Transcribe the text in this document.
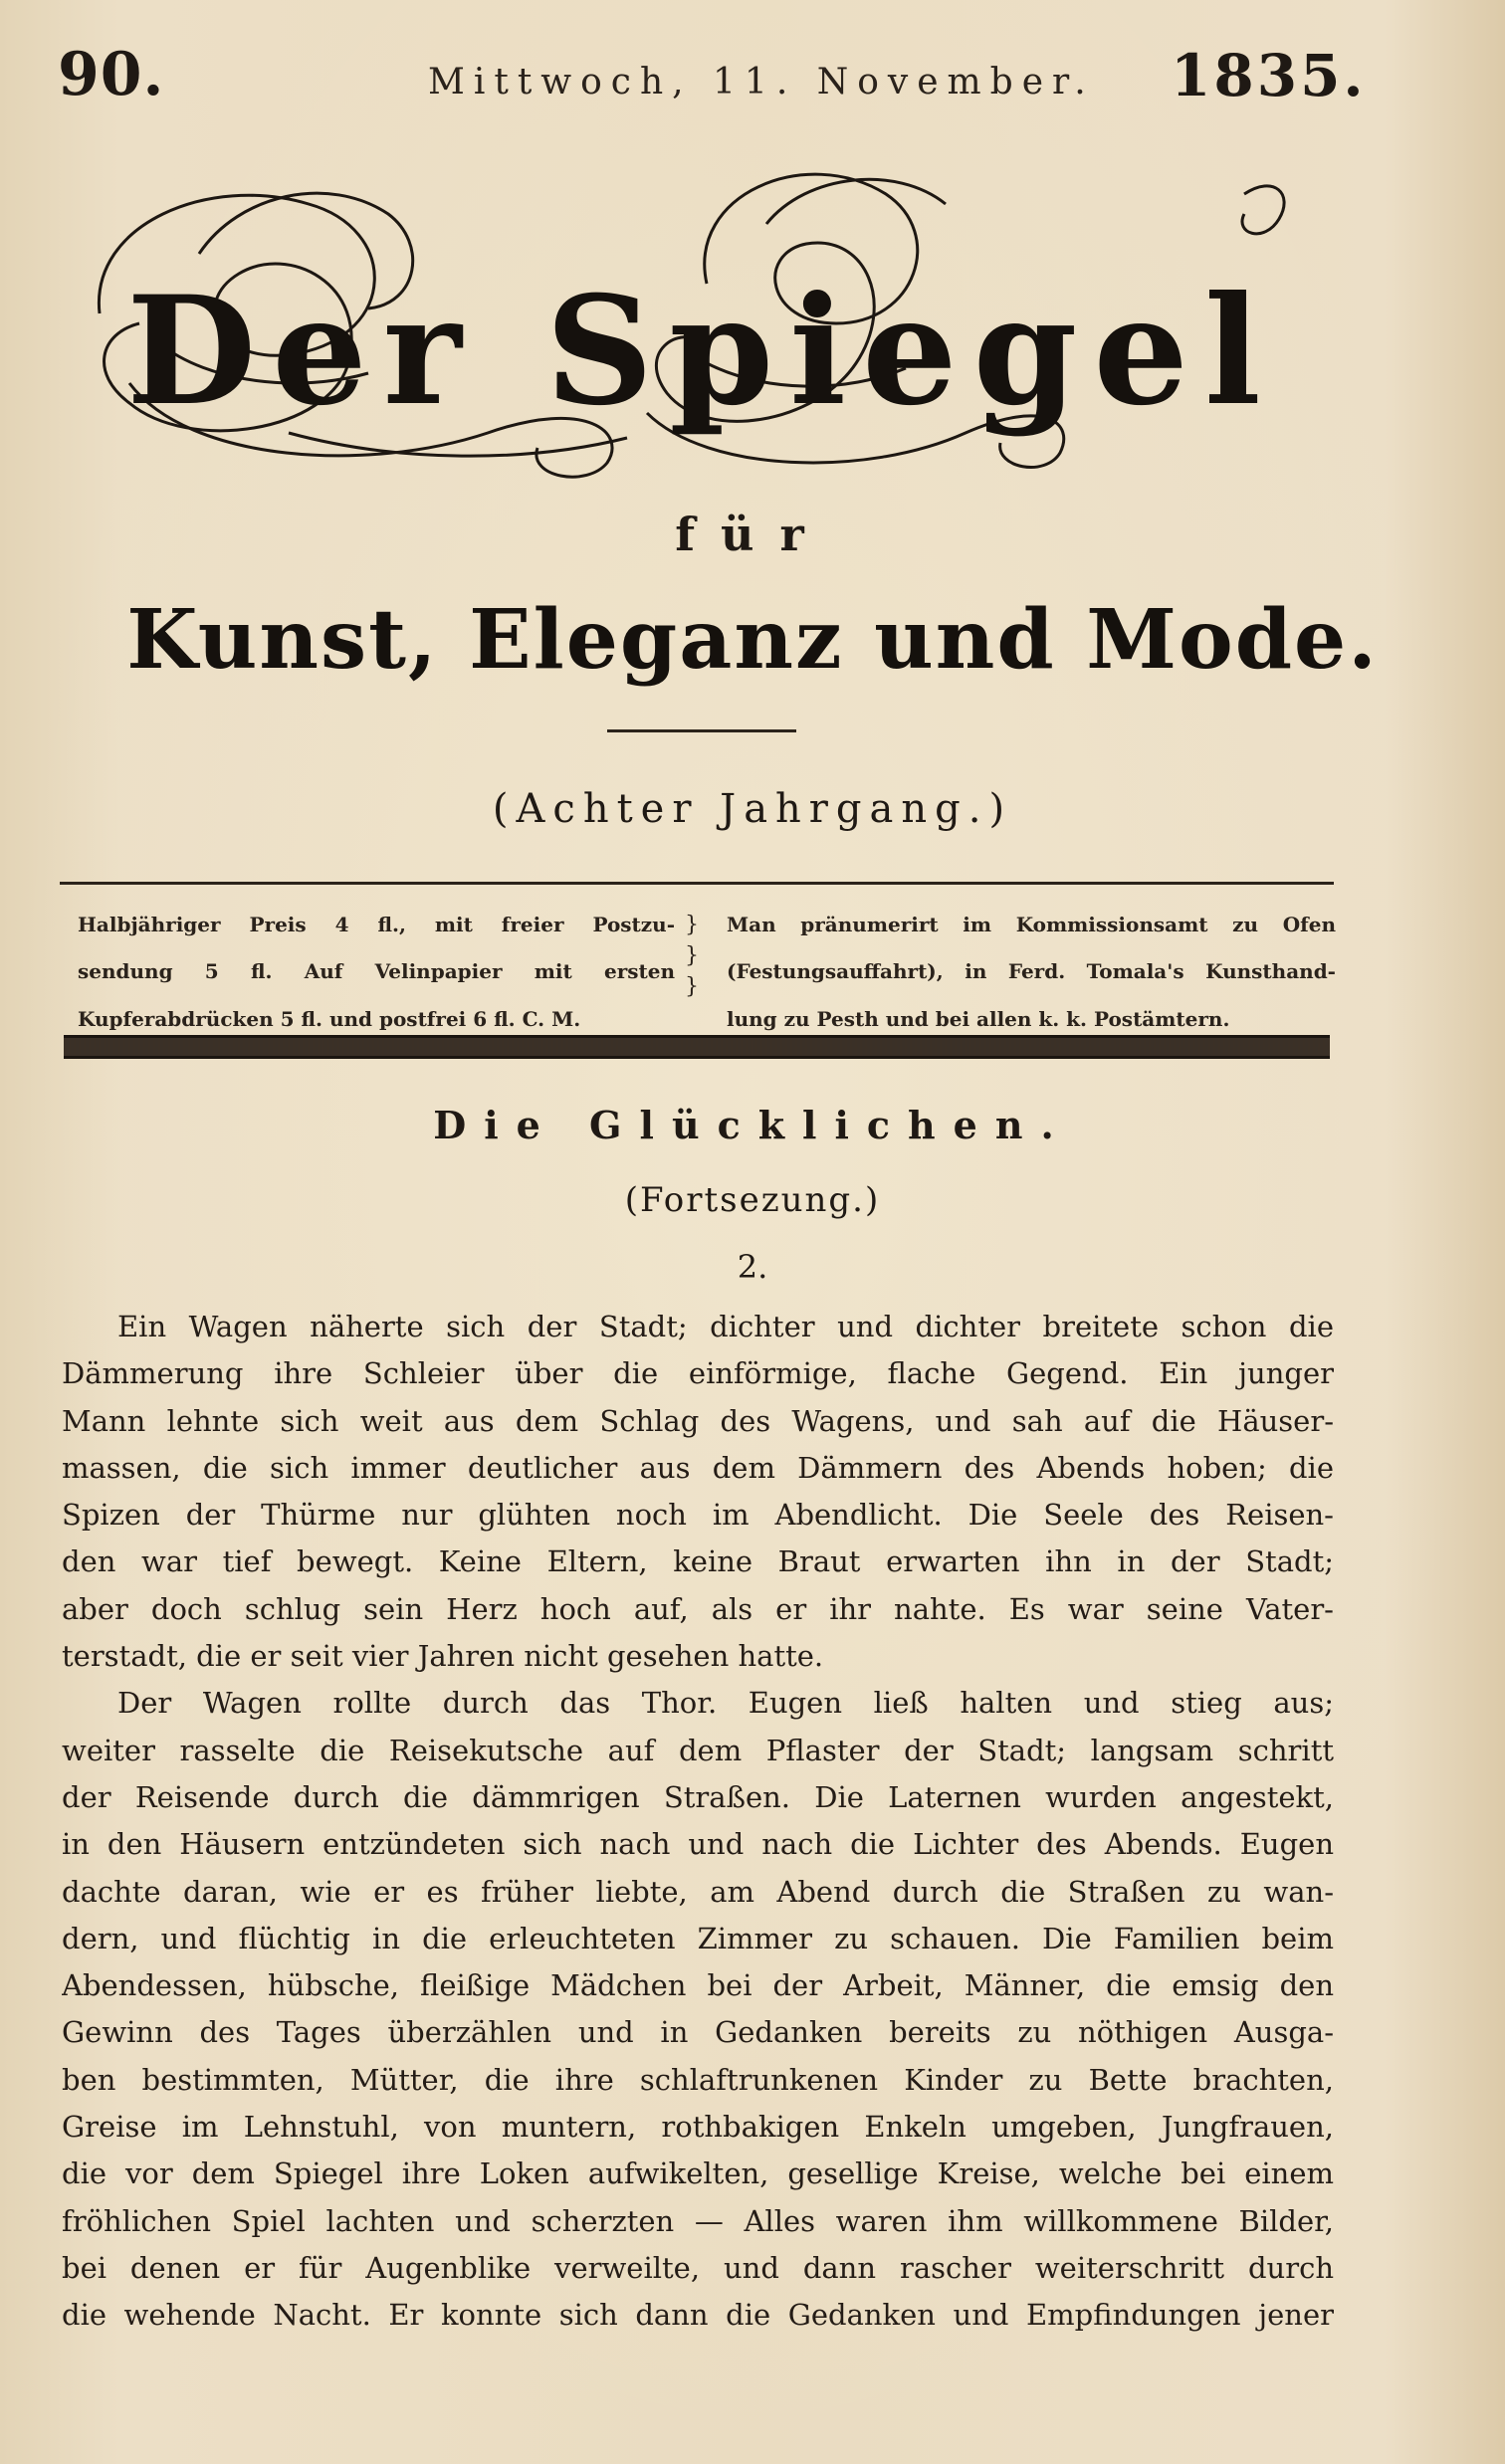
90.	Mittwoch, 11. November. 1835.
Der Spiegel
für
Kunst, Eleganz und Mode.
(Achter Jahrgang.)
Halbjähriger Preis 4 fl., mit freier Postzu-
sendung 5 fl. Auf Velinpapier mit ersten
Kupferabdrücken 5 fl. und postfrei 6 fl. C. M.
}
}
}
Man pränumerirt im Kommissionsamt zu Ofen
(Festungsauffahrt), in Ferd. Tomala's Kunsthand-
lung zu Pesth und bei allen k. k. Postämtern.
Die Glücklichen.
(Fortsezung.)
2.
Ein Wagen näherte sich der Stadt; dichter und dichter breitete schon die
Dämmerung ihre Schleier über die einförmige, flache Gegend. Ein junger
Mann lehnte sich weit aus dem Schlag des Wagens, und sah auf die Häuser-
massen, die sich immer deutlicher aus dem Dämmern des Abends hoben; die
Spizen der Thürme nur glühten noch im Abendlicht. Die Seele des Reisen-
den war tief bewegt. Keine Eltern, keine Braut erwarten ihn in der Stadt;
aber doch schlug sein Herz hoch auf, als er ihr nahte. Es war seine Vater-
terstadt, die er seit vier Jahren nicht gesehen hatte.
Der Wagen rollte durch das Thor. Eugen ließ halten und stieg aus;
weiter rasselte die Reisekutsche auf dem Pflaster der Stadt; langsam schritt
der Reisende durch die dämmrigen Straßen. Die Laternen wurden angestekt,
in den Häusern entzündeten sich nach und nach die Lichter des Abends. Eugen
dachte daran, wie er es früher liebte, am Abend durch die Straßen zu wan-
dern, und flüchtig in die erleuchteten Zimmer zu schauen. Die Familien beim
Abendessen, hübsche, fleißige Mädchen bei der Arbeit, Männer, die emsig den
Gewinn des Tages überzählen und in Gedanken bereits zu nöthigen Ausga-
ben bestimmten, Mütter, die ihre schlaftrunkenen Kinder zu Bette brachten,
Greise im Lehnstuhl, von muntern, rothbakigen Enkeln umgeben, Jungfrauen,
die vor dem Spiegel ihre Loken aufwikelten, gesellige Kreise, welche bei einem
fröhlichen Spiel lachten und scherzten — Alles waren ihm willkommene Bilder,
bei denen er für Augenblike verweilte, und dann rascher weiterschritt durch
die wehende Nacht. Er konnte sich dann die Gedanken und Empfindungen jener
